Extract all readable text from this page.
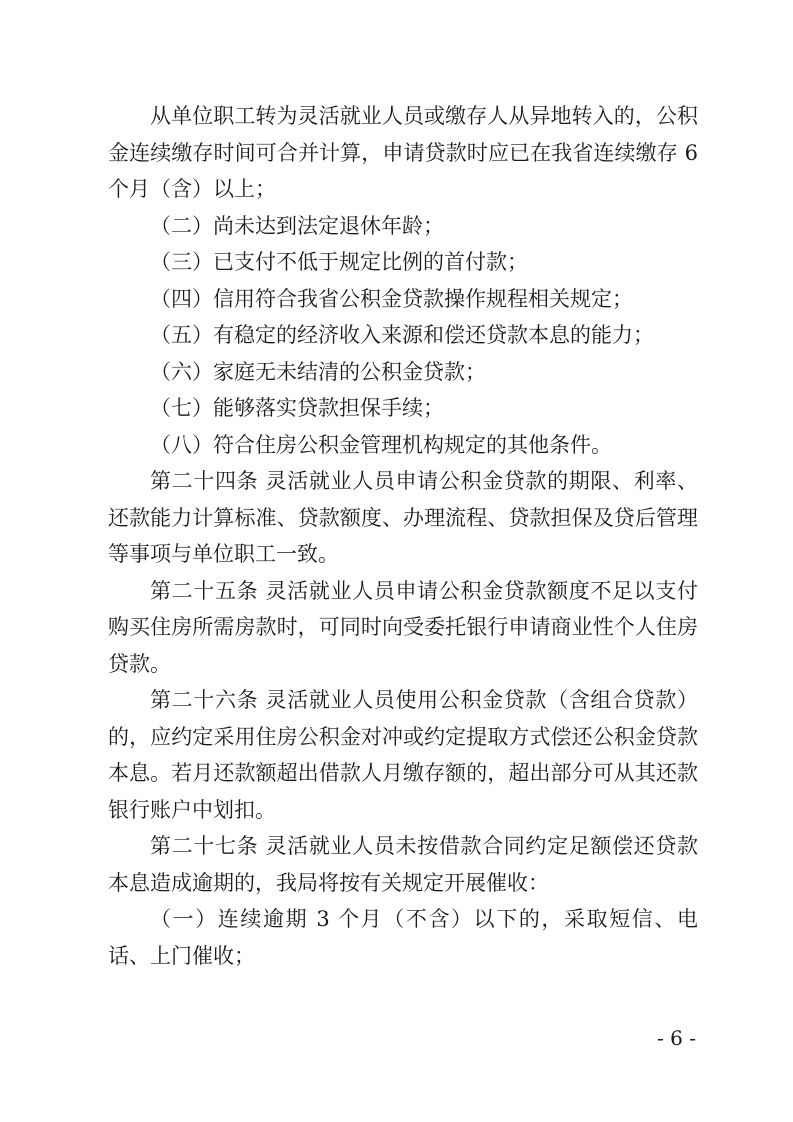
从单位职工转为灵活就业人员或缴存人从异地转入的，公积
金连续缴存时间可合并计算，申请贷款时应已在我省连续缴存 6
个月（含）以上；
（二）尚未达到法定退休年龄；
（三）已支付不低于规定比例的首付款；
（四）信用符合我省公积金贷款操作规程相关规定；
（五）有稳定的经济收入来源和偿还贷款本息的能力；
（六）家庭无未结清的公积金贷款；
（七）能够落实贷款担保手续；
（八）符合住房公积金管理机构规定的其他条件。
第二十四条 灵活就业人员申请公积金贷款的期限、利率、
还款能力计算标准、贷款额度、办理流程、贷款担保及贷后管理
等事项与单位职工一致。
第二十五条 灵活就业人员申请公积金贷款额度不足以支付
购买住房所需房款时，可同时向受委托银行申请商业性个人住房
贷款。
第二十六条 灵活就业人员使用公积金贷款（含组合贷款）
的，应约定采用住房公积金对冲或约定提取方式偿还公积金贷款
本息。若月还款额超出借款人月缴存额的，超出部分可从其还款
银行账户中划扣。
第二十七条 灵活就业人员未按借款合同约定足额偿还贷款
本息造成逾期的，我局将按有关规定开展催收：
（一）连续逾期 3 个月（不含）以下的，采取短信、电
话、上门催收；
- 6 -
